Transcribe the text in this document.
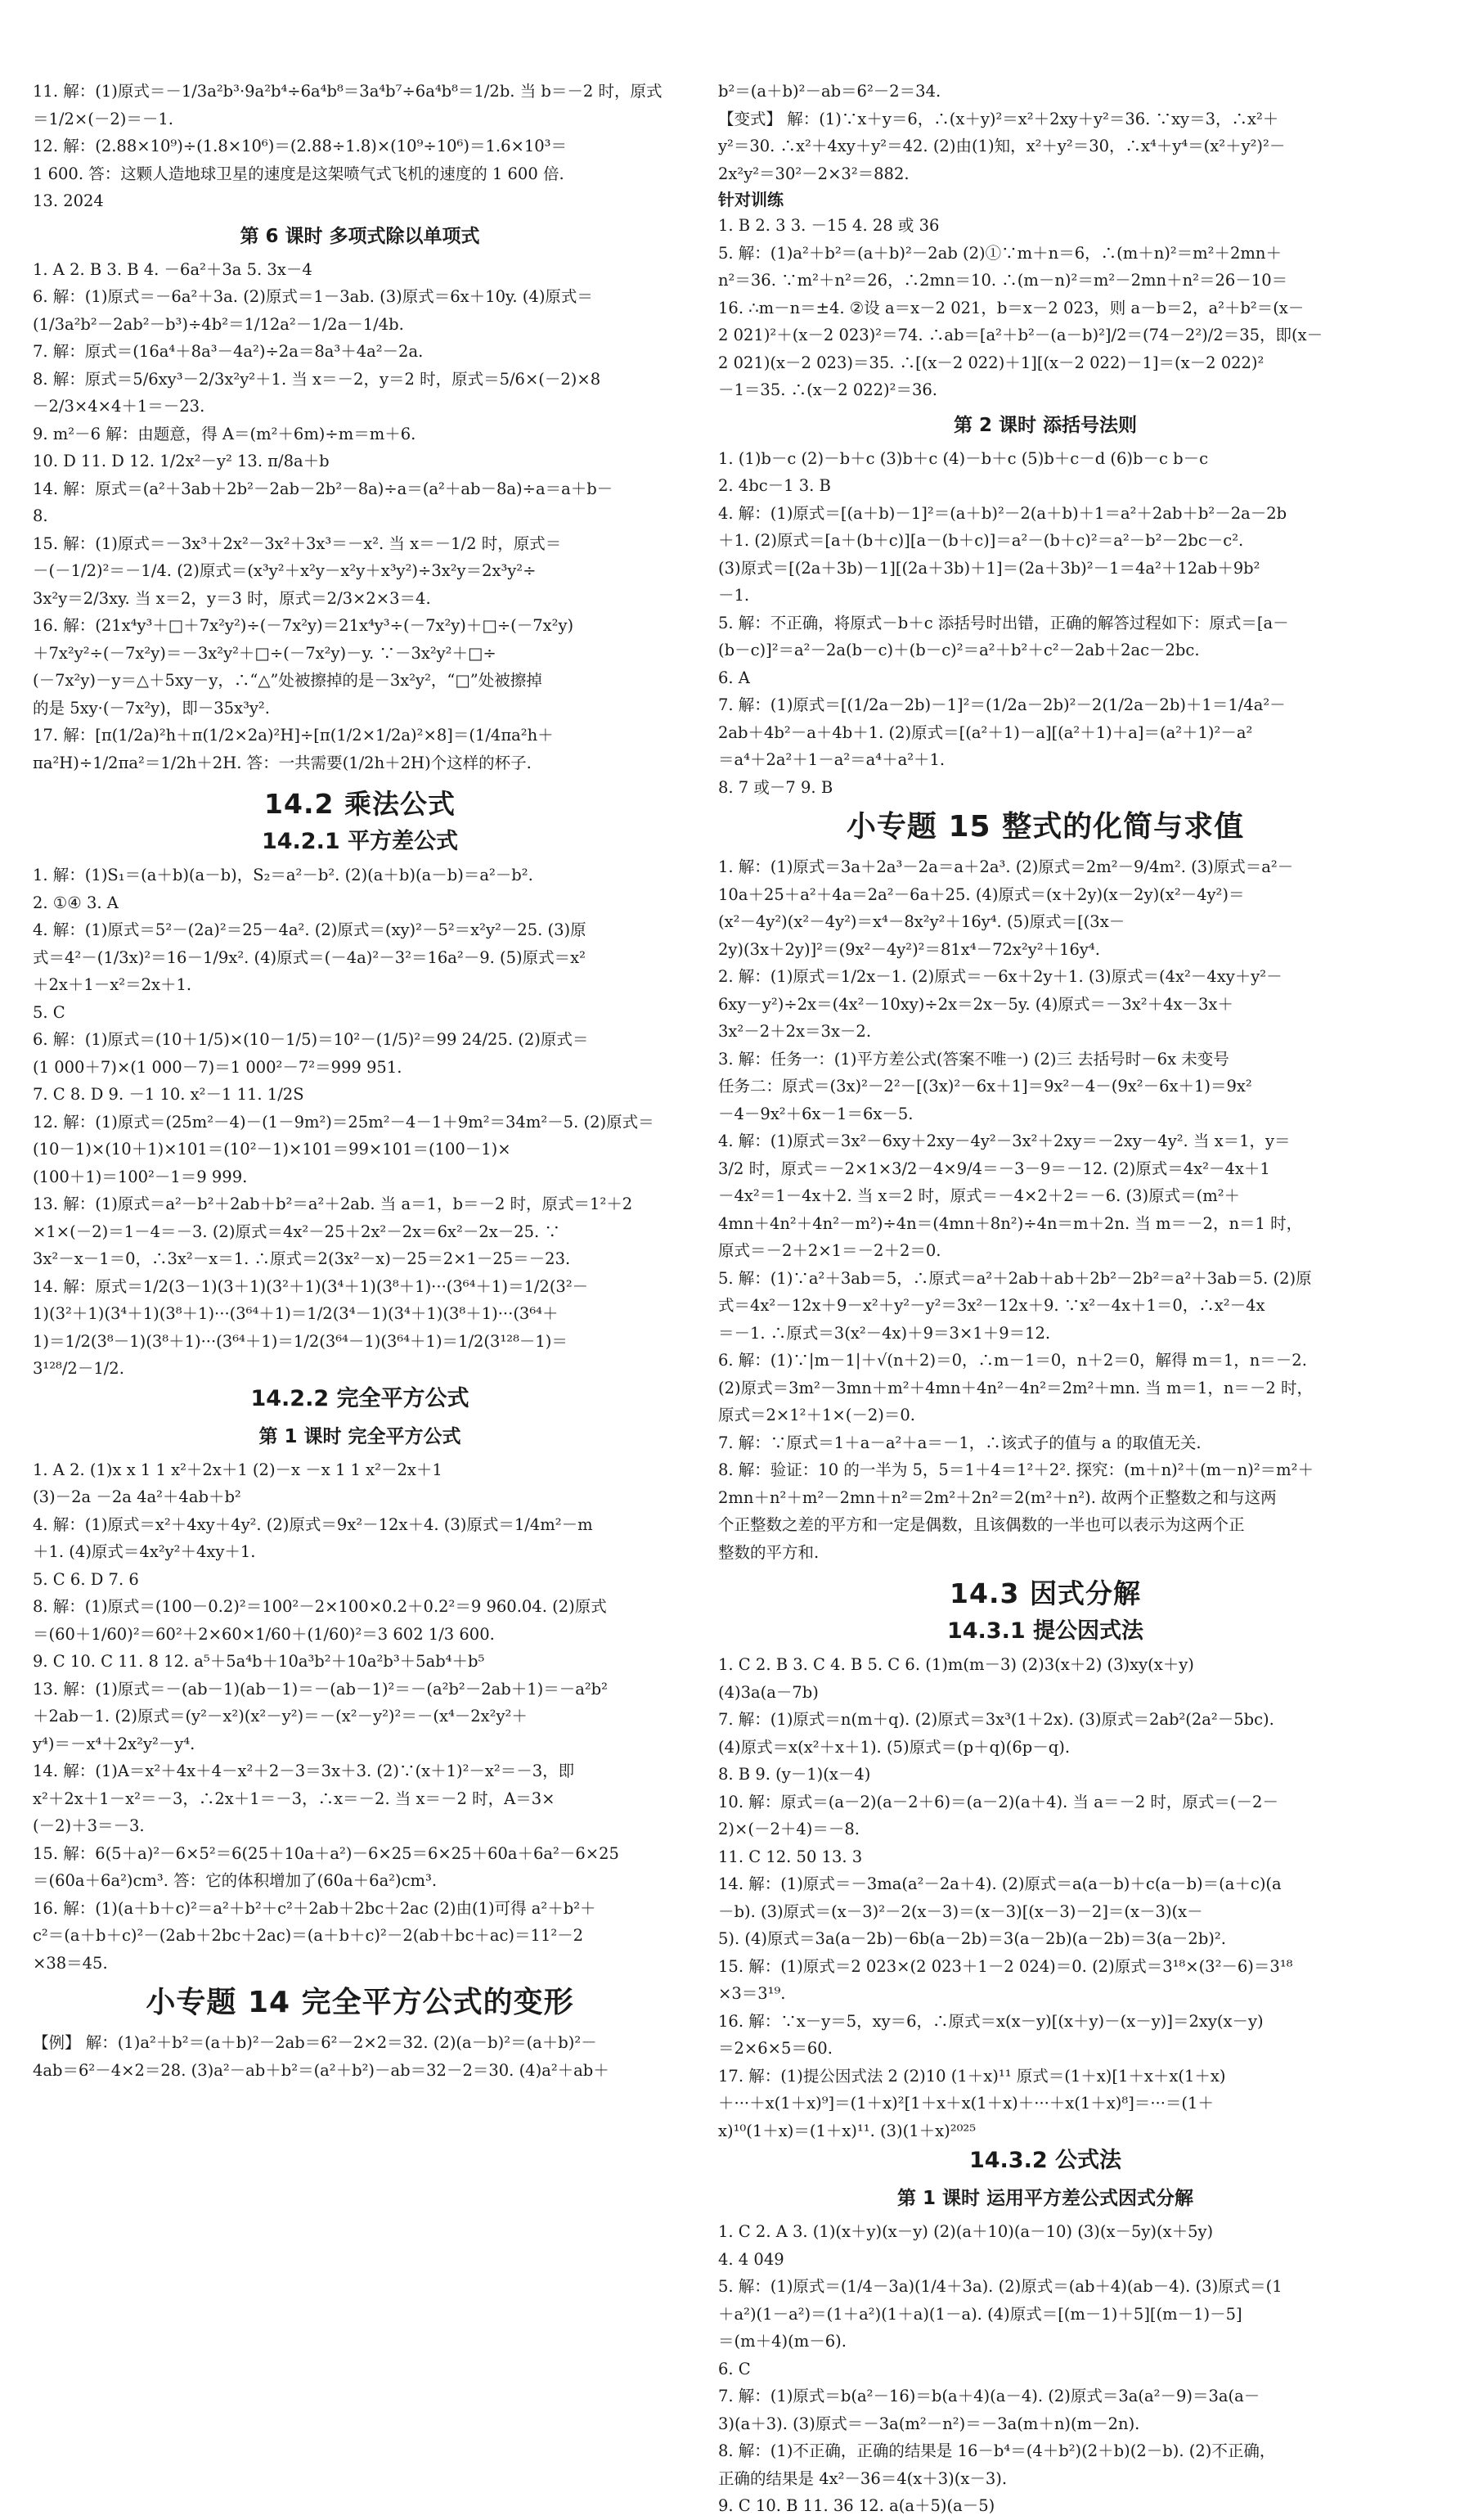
11. 解：(1)原式＝－1/3a²b³·9a²b⁴÷6a⁴b⁸＝3a⁴b⁷÷6a⁴b⁸＝1/2b. 当 b＝－2 时，原式
＝1/2×(－2)＝－1.
12. 解：(2.88×10⁹)÷(1.8×10⁶)＝(2.88÷1.8)×(10⁹÷10⁶)＝1.6×10³＝
1 600. 答：这颗人造地球卫星的速度是这架喷气式飞机的速度的 1 600 倍.
13. 2024
第 6 课时 多项式除以单项式
1. A 2. B 3. B 4. －6a²＋3a 5. 3x－4
6. 解：(1)原式＝－6a²＋3a. (2)原式＝1－3ab. (3)原式＝6x＋10y. (4)原式＝
(1/3a²b²－2ab²－b³)÷4b²＝1/12a²－1/2a－1/4b.
7. 解：原式＝(16a⁴＋8a³－4a²)÷2a＝8a³＋4a²－2a.
8. 解：原式＝5/6xy³－2/3x²y²＋1. 当 x＝－2，y＝2 时，原式＝5/6×(－2)×8
－2/3×4×4＋1＝－23.
9. m²－6 解：由题意，得 A＝(m²＋6m)÷m＝m＋6.
10. D 11. D 12. 1/2x²－y² 13. π/8a＋b
14. 解：原式＝(a²＋3ab＋2b²－2ab－2b²－8a)÷a＝(a²＋ab－8a)÷a＝a＋b－
8.
15. 解：(1)原式＝－3x³＋2x²－3x²＋3x³＝－x². 当 x＝－1/2 时，原式＝
－(－1/2)²＝－1/4. (2)原式＝(x³y²＋x²y－x²y＋x³y²)÷3x²y＝2x³y²÷
3x²y＝2/3xy. 当 x＝2，y＝3 时，原式＝2/3×2×3＝4.
16. 解：(21x⁴y³＋□＋7x²y²)÷(－7x²y)＝21x⁴y³÷(－7x²y)＋□÷(－7x²y)
＋7x²y²÷(－7x²y)＝－3x²y²＋□÷(－7x²y)－y. ∵－3x²y²＋□÷
(－7x²y)－y＝△＋5xy－y，∴“△”处被擦掉的是－3x²y²，“□”处被擦掉
的是 5xy·(－7x²y)，即－35x³y².
17. 解：[π(1/2a)²h＋π(1/2×2a)²H]÷[π(1/2×1/2a)²×8]＝(1/4πa²h＋
πa²H)÷1/2πa²＝1/2h＋2H. 答：一共需要(1/2h＋2H)个这样的杯子.
14.2 乘法公式
14.2.1 平方差公式
1. 解：(1)S₁＝(a＋b)(a－b)，S₂＝a²－b². (2)(a＋b)(a－b)＝a²－b².
2. ①④ 3. A
4. 解：(1)原式＝5²－(2a)²＝25－4a². (2)原式＝(xy)²－5²＝x²y²－25. (3)原
式＝4²－(1/3x)²＝16－1/9x². (4)原式＝(－4a)²－3²＝16a²－9. (5)原式＝x²
＋2x＋1－x²＝2x＋1.
5. C
6. 解：(1)原式＝(10＋1/5)×(10－1/5)＝10²－(1/5)²＝99 24/25. (2)原式＝
(1 000＋7)×(1 000－7)＝1 000²－7²＝999 951.
7. C 8. D 9. －1 10. x²－1 11. 1/2S
12. 解：(1)原式＝(25m²－4)－(1－9m²)＝25m²－4－1＋9m²＝34m²－5. (2)原式＝
(10－1)×(10＋1)×101＝(10²－1)×101＝99×101＝(100－1)×
(100＋1)＝100²－1＝9 999.
13. 解：(1)原式＝a²－b²＋2ab＋b²＝a²＋2ab. 当 a＝1，b＝－2 时，原式＝1²＋2
×1×(－2)＝1－4＝－3. (2)原式＝4x²－25＋2x²－2x＝6x²－2x－25. ∵
3x²－x－1＝0，∴3x²－x＝1. ∴原式＝2(3x²－x)－25＝2×1－25＝－23.
14. 解：原式＝1/2(3－1)(3＋1)(3²＋1)(3⁴＋1)(3⁸＋1)···(3⁶⁴＋1)＝1/2(3²－
1)(3²＋1)(3⁴＋1)(3⁸＋1)···(3⁶⁴＋1)＝1/2(3⁴－1)(3⁴＋1)(3⁸＋1)···(3⁶⁴＋
1)＝1/2(3⁸－1)(3⁸＋1)···(3⁶⁴＋1)＝1/2(3⁶⁴－1)(3⁶⁴＋1)＝1/2(3¹²⁸－1)＝
3¹²⁸/2－1/2.
14.2.2 完全平方公式
第 1 课时 完全平方公式
1. A 2. (1)x x 1 1 x²＋2x＋1 (2)－x －x 1 1 x²－2x＋1
(3)－2a －2a 4a²＋4ab＋b²
4. 解：(1)原式＝x²＋4xy＋4y². (2)原式＝9x²－12x＋4. (3)原式＝1/4m²－m
＋1. (4)原式＝4x²y²＋4xy＋1.
5. C 6. D 7. 6
8. 解：(1)原式＝(100－0.2)²＝100²－2×100×0.2＋0.2²＝9 960.04. (2)原式
＝(60＋1/60)²＝60²＋2×60×1/60＋(1/60)²＝3 602 1/3 600.
9. C 10. C 11. 8 12. a⁵＋5a⁴b＋10a³b²＋10a²b³＋5ab⁴＋b⁵
13. 解：(1)原式＝－(ab－1)(ab－1)＝－(ab－1)²＝－(a²b²－2ab＋1)＝－a²b²
＋2ab－1. (2)原式＝(y²－x²)(x²－y²)＝－(x²－y²)²＝－(x⁴－2x²y²＋
y⁴)＝－x⁴＋2x²y²－y⁴.
14. 解：(1)A＝x²＋4x＋4－x²＋2－3＝3x＋3. (2)∵(x＋1)²－x²＝－3，即
x²＋2x＋1－x²＝－3，∴2x＋1＝－3，∴x＝－2. 当 x＝－2 时，A＝3×
(－2)＋3＝－3.
15. 解：6(5＋a)²－6×5²＝6(25＋10a＋a²)－6×25＝6×25＋60a＋6a²－6×25
＝(60a＋6a²)cm³. 答：它的体积增加了(60a＋6a²)cm³.
16. 解：(1)(a＋b＋c)²＝a²＋b²＋c²＋2ab＋2bc＋2ac (2)由(1)可得 a²＋b²＋
c²＝(a＋b＋c)²－(2ab＋2bc＋2ac)＝(a＋b＋c)²－2(ab＋bc＋ac)＝11²－2
×38＝45.
小专题 14 完全平方公式的变形
【例】 解：(1)a²＋b²＝(a＋b)²－2ab＝6²－2×2＝32. (2)(a－b)²＝(a＋b)²－
4ab＝6²－4×2＝28. (3)a²－ab＋b²＝(a²＋b²)－ab＝32－2＝30. (4)a²＋ab＋
b²＝(a＋b)²－ab＝6²－2＝34.
【变式】 解：(1)∵x＋y＝6，∴(x＋y)²＝x²＋2xy＋y²＝36. ∵xy＝3，∴x²＋
y²＝30. ∴x²＋4xy＋y²＝42. (2)由(1)知，x²＋y²＝30，∴x⁴＋y⁴＝(x²＋y²)²－
2x²y²＝30²－2×3²＝882.
针对训练
1. B 2. 3 3. －15 4. 28 或 36
5. 解：(1)a²＋b²＝(a＋b)²－2ab (2)①∵m＋n＝6，∴(m＋n)²＝m²＋2mn＋
n²＝36. ∵m²＋n²＝26，∴2mn＝10. ∴(m－n)²＝m²－2mn＋n²＝26－10＝
16. ∴m－n＝±4. ②设 a＝x－2 021，b＝x－2 023，则 a－b＝2，a²＋b²＝(x－
2 021)²＋(x－2 023)²＝74. ∴ab＝[a²＋b²－(a－b)²]/2＝(74－2²)/2＝35，即(x－
2 021)(x－2 023)＝35. ∴[(x－2 022)＋1][(x－2 022)－1]＝(x－2 022)²
－1＝35. ∴(x－2 022)²＝36.
第 2 课时 添括号法则
1. (1)b－c (2)－b＋c (3)b＋c (4)－b＋c (5)b＋c－d (6)b－c b－c
2. 4bc－1 3. B
4. 解：(1)原式＝[(a＋b)－1]²＝(a＋b)²－2(a＋b)＋1＝a²＋2ab＋b²－2a－2b
＋1. (2)原式＝[a＋(b＋c)][a－(b＋c)]＝a²－(b＋c)²＝a²－b²－2bc－c².
(3)原式＝[(2a＋3b)－1][(2a＋3b)＋1]＝(2a＋3b)²－1＝4a²＋12ab＋9b²
－1.
5. 解：不正确，将原式－b＋c 添括号时出错，正确的解答过程如下：原式＝[a－
(b－c)]²＝a²－2a(b－c)＋(b－c)²＝a²＋b²＋c²－2ab＋2ac－2bc.
6. A
7. 解：(1)原式＝[(1/2a－2b)－1]²＝(1/2a－2b)²－2(1/2a－2b)＋1＝1/4a²－
2ab＋4b²－a＋4b＋1. (2)原式＝[(a²＋1)－a][(a²＋1)＋a]＝(a²＋1)²－a²
＝a⁴＋2a²＋1－a²＝a⁴＋a²＋1.
8. 7 或－7 9. B
小专题 15 整式的化简与求值
1. 解：(1)原式＝3a＋2a³－2a＝a＋2a³. (2)原式＝2m²－9/4m². (3)原式＝a²－
10a＋25＋a²＋4a＝2a²－6a＋25. (4)原式＝(x＋2y)(x－2y)(x²－4y²)＝
(x²－4y²)(x²－4y²)＝x⁴－8x²y²＋16y⁴. (5)原式＝[(3x－
2y)(3x＋2y)]²＝(9x²－4y²)²＝81x⁴－72x²y²＋16y⁴.
2. 解：(1)原式＝1/2x－1. (2)原式＝－6x＋2y＋1. (3)原式＝(4x²－4xy＋y²－
6xy－y²)÷2x＝(4x²－10xy)÷2x＝2x－5y. (4)原式＝－3x²＋4x－3x＋
3x²－2＋2x＝3x－2.
3. 解：任务一：(1)平方差公式(答案不唯一) (2)三 去括号时－6x 未变号
任务二：原式＝(3x)²－2²－[(3x)²－6x＋1]＝9x²－4－(9x²－6x＋1)＝9x²
－4－9x²＋6x－1＝6x－5.
4. 解：(1)原式＝3x²－6xy＋2xy－4y²－3x²＋2xy＝－2xy－4y². 当 x＝1，y＝
3/2 时，原式＝－2×1×3/2－4×9/4＝－3－9＝－12. (2)原式＝4x²－4x＋1
－4x²＝1－4x＋2. 当 x＝2 时，原式＝－4×2＋2＝－6. (3)原式＝(m²＋
4mn＋4n²＋4n²－m²)÷4n＝(4mn＋8n²)÷4n＝m＋2n. 当 m＝－2，n＝1 时，
原式＝－2＋2×1＝－2＋2＝0.
5. 解：(1)∵a²＋3ab＝5，∴原式＝a²＋2ab＋ab＋2b²－2b²＝a²＋3ab＝5. (2)原
式＝4x²－12x＋9－x²＋y²－y²＝3x²－12x＋9. ∵x²－4x＋1＝0，∴x²－4x
＝－1. ∴原式＝3(x²－4x)＋9＝3×1＋9＝12.
6. 解：(1)∵|m－1|＋√(n＋2)＝0，∴m－1＝0，n＋2＝0，解得 m＝1，n＝－2.
(2)原式＝3m²－3mn＋m²＋4mn＋4n²－4n²＝2m²＋mn. 当 m＝1，n＝－2 时，
原式＝2×1²＋1×(－2)＝0.
7. 解：∵原式＝1＋a－a²＋a＝－1，∴该式子的值与 a 的取值无关.
8. 解：验证：10 的一半为 5，5＝1＋4＝1²＋2². 探究：(m＋n)²＋(m－n)²＝m²＋
2mn＋n²＋m²－2mn＋n²＝2m²＋2n²＝2(m²＋n²). 故两个正整数之和与这两
个正整数之差的平方和一定是偶数，且该偶数的一半也可以表示为这两个正
整数的平方和.
14.3 因式分解
14.3.1 提公因式法
1. C 2. B 3. C 4. B 5. C 6. (1)m(m－3) (2)3(x＋2) (3)xy(x＋y)
(4)3a(a－7b)
7. 解：(1)原式＝n(m＋q). (2)原式＝3x³(1＋2x). (3)原式＝2ab²(2a²－5bc).
(4)原式＝x(x²＋x＋1). (5)原式＝(p＋q)(6p－q).
8. B 9. (y－1)(x－4)
10. 解：原式＝(a－2)(a－2＋6)＝(a－2)(a＋4). 当 a＝－2 时，原式＝(－2－
2)×(－2＋4)＝－8.
11. C 12. 50 13. 3
14. 解：(1)原式＝－3ma(a²－2a＋4). (2)原式＝a(a－b)＋c(a－b)＝(a＋c)(a
－b). (3)原式＝(x－3)²－2(x－3)＝(x－3)[(x－3)－2]＝(x－3)(x－
5). (4)原式＝3a(a－2b)－6b(a－2b)＝3(a－2b)(a－2b)＝3(a－2b)².
15. 解：(1)原式＝2 023×(2 023＋1－2 024)＝0. (2)原式＝3¹⁸×(3²－6)＝3¹⁸
×3＝3¹⁹.
16. 解：∵x－y＝5，xy＝6，∴原式＝x(x－y)[(x＋y)－(x－y)]＝2xy(x－y)
＝2×6×5＝60.
17. 解：(1)提公因式法 2 (2)10 (1＋x)¹¹ 原式＝(1＋x)[1＋x＋x(1＋x)
＋···＋x(1＋x)⁹]＝(1＋x)²[1＋x＋x(1＋x)＋···＋x(1＋x)⁸]＝···＝(1＋
x)¹⁰(1＋x)＝(1＋x)¹¹. (3)(1＋x)²⁰²⁵
14.3.2 公式法
第 1 课时 运用平方差公式因式分解
1. C 2. A 3. (1)(x＋y)(x－y) (2)(a＋10)(a－10) (3)(x－5y)(x＋5y)
4. 4 049
5. 解：(1)原式＝(1/4－3a)(1/4＋3a). (2)原式＝(ab＋4)(ab－4). (3)原式＝(1
＋a²)(1－a²)＝(1＋a²)(1＋a)(1－a). (4)原式＝[(m－1)＋5][(m－1)－5]
＝(m＋4)(m－6).
6. C
7. 解：(1)原式＝b(a²－16)＝b(a＋4)(a－4). (2)原式＝3a(a²－9)＝3a(a－
3)(a＋3). (3)原式＝－3a(m²－n²)＝－3a(m＋n)(m－2n).
8. 解：(1)不正确，正确的结果是 16－b⁴＝(4＋b²)(2＋b)(2－b). (2)不正确，
正确的结果是 4x²－36＝4(x＋3)(x－3).
9. C 10. B 11. 36 12. a(a＋5)(a－5)
